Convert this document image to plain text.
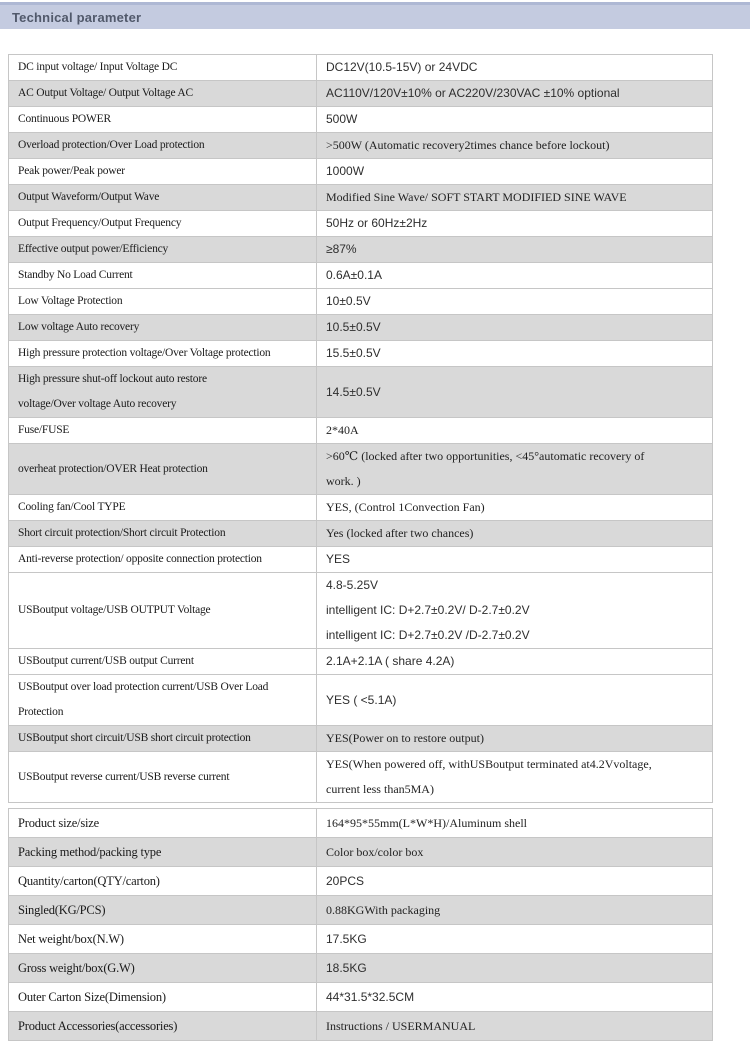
Technical parameter
DC input voltage/ Input Voltage DC	DC12V(10.5-15V) or 24VDC

AC Output Voltage/ Output Voltage AC	AC110V/120V±10% or AC220V/230VAC ±10% optional

Continuous POWER	500W

Overload protection/Over Load protection	>500W (Automatic recovery2times chance before lockout)

Peak power/Peak power	1000W

Output Waveform/Output Wave	Modified Sine Wave/ SOFT START MODIFIED SINE WAVE

Output Frequency/Output Frequency	50Hz or 60Hz±2Hz

Effective output power/Efficiency	≥87%

Standby No Load Current	0.6A±0.1A

Low Voltage Protection	10±0.5V

Low voltage Auto recovery	10.5±0.5V

High pressure protection voltage/Over Voltage protection	15.5±0.5V

High pressure shut-off lockout auto restore
voltage/Over voltage Auto recovery	14.5±0.5V

Fuse/FUSE	2*40A

overheat protection/OVER Heat protection	>60℃ (locked after two opportunities, <45°automatic recovery of
work. )

Cooling fan/Cool TYPE	YES, (Control 1Convection Fan)

Short circuit protection/Short circuit Protection	Yes (locked after two chances)

Anti-reverse protection/ opposite connection protection	YES

USBoutput voltage/USB OUTPUT Voltage	4.8-5.25V
intelligent IC: D+2.7±0.2V/ D-2.7±0.2V
intelligent IC: D+2.7±0.2V /D-2.7±0.2V

USBoutput current/USB output Current	2.1A+2.1A ( share 4.2A)

USBoutput over load protection current/USB Over Load
Protection	YES ( <5.1A)

USBoutput short circuit/USB short circuit protection	YES(Power on to restore output)

USBoutput reverse current/USB reverse current	YES(When powered off, withUSBoutput terminated at4.2Vvoltage,
current less than5MA)
Product size/size	164*95*55mm(L*W*H)/Aluminum shell

Packing method/packing type	Color box/color box

Quantity/carton(QTY/carton)	20PCS

Singled(KG/PCS)	0.88KGWith packaging

Net weight/box(N.W)	17.5KG

Gross weight/box(G.W)	18.5KG

Outer Carton Size(Dimension)	44*31.5*32.5CM

Product Accessories(accessories)	Instructions / USERMANUAL
